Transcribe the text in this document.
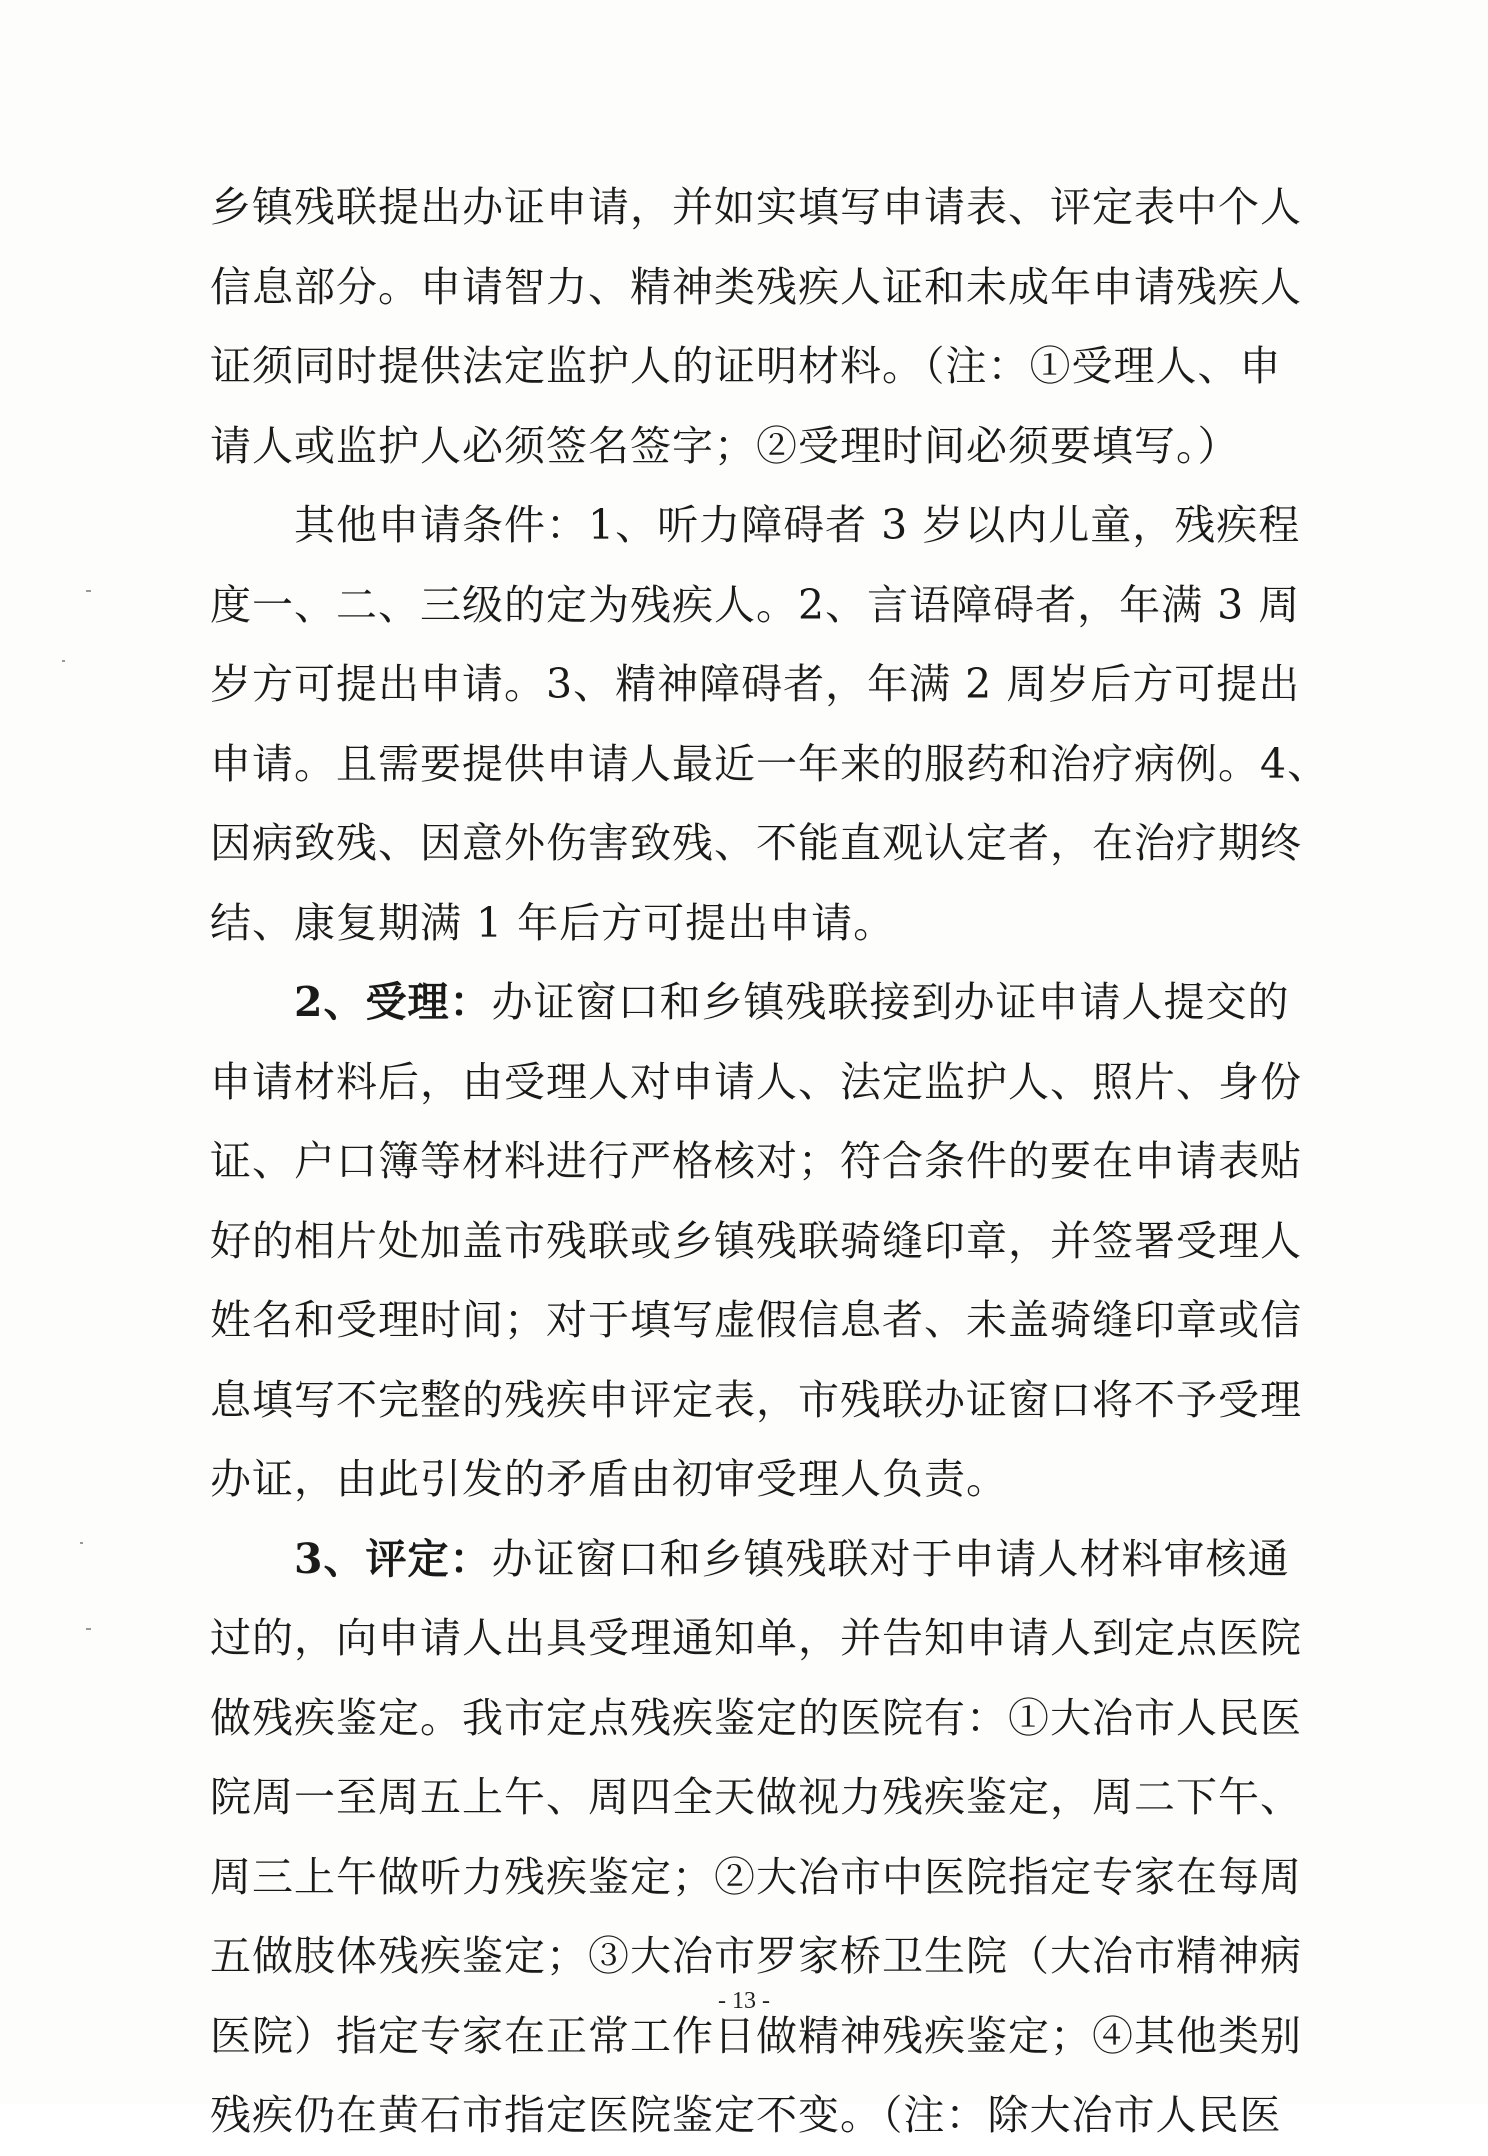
乡镇残联提出办证申请，并如实填写申请表、评定表中个人
信息部分。申请智力、精神类残疾人证和未成年申请残疾人
证须同时提供法定监护人的证明材料。（注：①受理人、申
请人或监护人必须签名签字；②受理时间必须要填写。）
其他申请条件：1、听力障碍者 3 岁以内儿童，残疾程
度一、二、三级的定为残疾人。2、言语障碍者，年满 3 周
岁方可提出申请。3、精神障碍者，年满 2 周岁后方可提出
申请。且需要提供申请人最近一年来的服药和治疗病例。4、
因病致残、因意外伤害致残、不能直观认定者，在治疗期终
结、康复期满 1 年后方可提出申请。
2、受理：办证窗口和乡镇残联接到办证申请人提交的
申请材料后，由受理人对申请人、法定监护人、照片、身份
证、户口簿等材料进行严格核对；符合条件的要在申请表贴
好的相片处加盖市残联或乡镇残联骑缝印章，并签署受理人
姓名和受理时间；对于填写虚假信息者、未盖骑缝印章或信
息填写不完整的残疾申评定表，市残联办证窗口将不予受理
办证，由此引发的矛盾由初审受理人负责。
3、评定：办证窗口和乡镇残联对于申请人材料审核通
过的，向申请人出具受理通知单，并告知申请人到定点医院
做残疾鉴定。我市定点残疾鉴定的医院有：①大冶市人民医
院周一至周五上午、周四全天做视力残疾鉴定，周二下午、
周三上午做听力残疾鉴定；②大冶市中医院指定专家在每周
五做肢体残疾鉴定；③大冶市罗家桥卫生院（大冶市精神病
医院）指定专家在正常工作日做精神残疾鉴定；④其他类别
残疾仍在黄石市指定医院鉴定不变。（注：除大冶市人民医
- 13 -
